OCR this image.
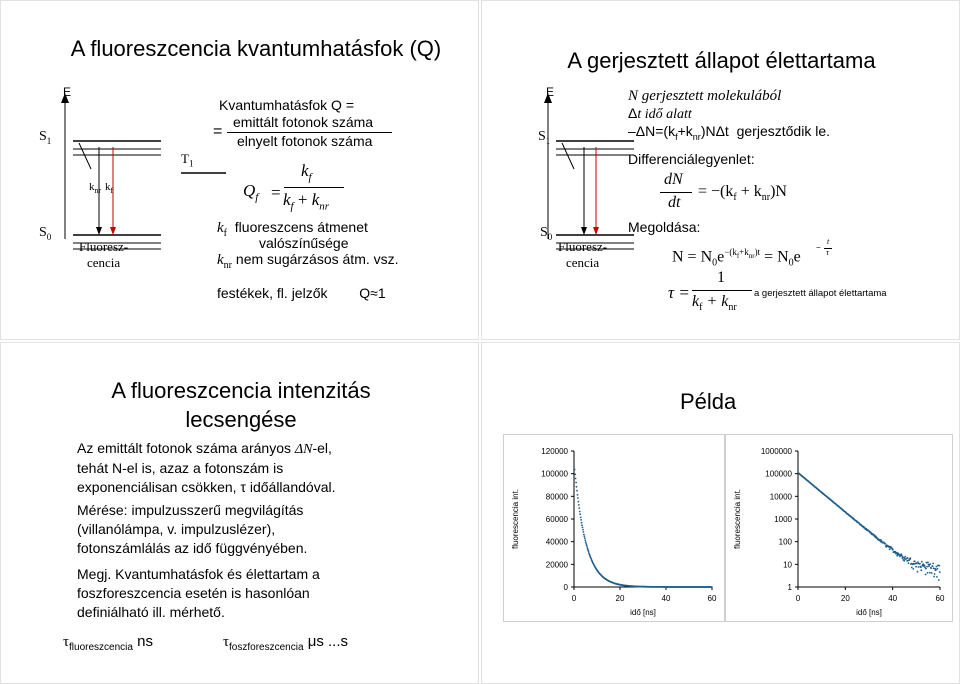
A fluoreszcencia kvantumhatásfok (Q)
E
$S_1$
$S_0$
$T_1$
$k_{nr}$ $k_f$
Fluoresz-
cencia
Kvantumhatásfok Q =
=
emittált fotonok száma
elnyelt fotonok száma
$Q_f$ =
$k_f$
$k_f + k_{nr}$
$k_f$ fluoreszcens átmenet
valószínűsége
$k_{nr}$ nem sugárzásos átm. vsz.
festékek, fl. jelzők Q≈1
A gerjesztett állapot élettartama
E
$S_1$
$S_0$
Fluoresz-
cencia
N gerjesztett molekulából
Δt idő alatt
$-\Delta N=(k_f+k_{nr})N\Delta t$ gerjesztődik le.
Differenciálegyenlet:
dN
dt
= $-(k_f + k_{nr})N$
Megoldása:
$N = N_0e^{-(k_f+k_{nr})t} = N_0e$
t
−
τ
τ =
1
$k_f + k_{nr}$
a gerjesztett állapot élettartama
A fluoreszcencia intenzitás lecsengése
Az emittált fotonok száma arányos ΔN-el,
tehát N-el is, azaz a fotonszám is
exponenciálisan csökken, τ időállandóval.
Mérése: impulzusszerű megvilágítás
(villanólámpa, v. impulzuslézer),
fotonszámlálás az idő függvényében.
Megj. Kvantumhatásfok és élettartam a
foszforeszcencia esetén is hasonlóan
definiálható ill. mérhető.
$\tau_{fluoreszcencia}$ ns	$\tau_{foszforeszcencia}$ μs ...s
Példa
0
20000
40000
60000
80000
100000
120000
0	20	40	60
idő [ns]
fluorescencia int.
1
10
100
1000
10000
100000
1000000
0	20	40	60
idő [ns]
fluorescencia int.
